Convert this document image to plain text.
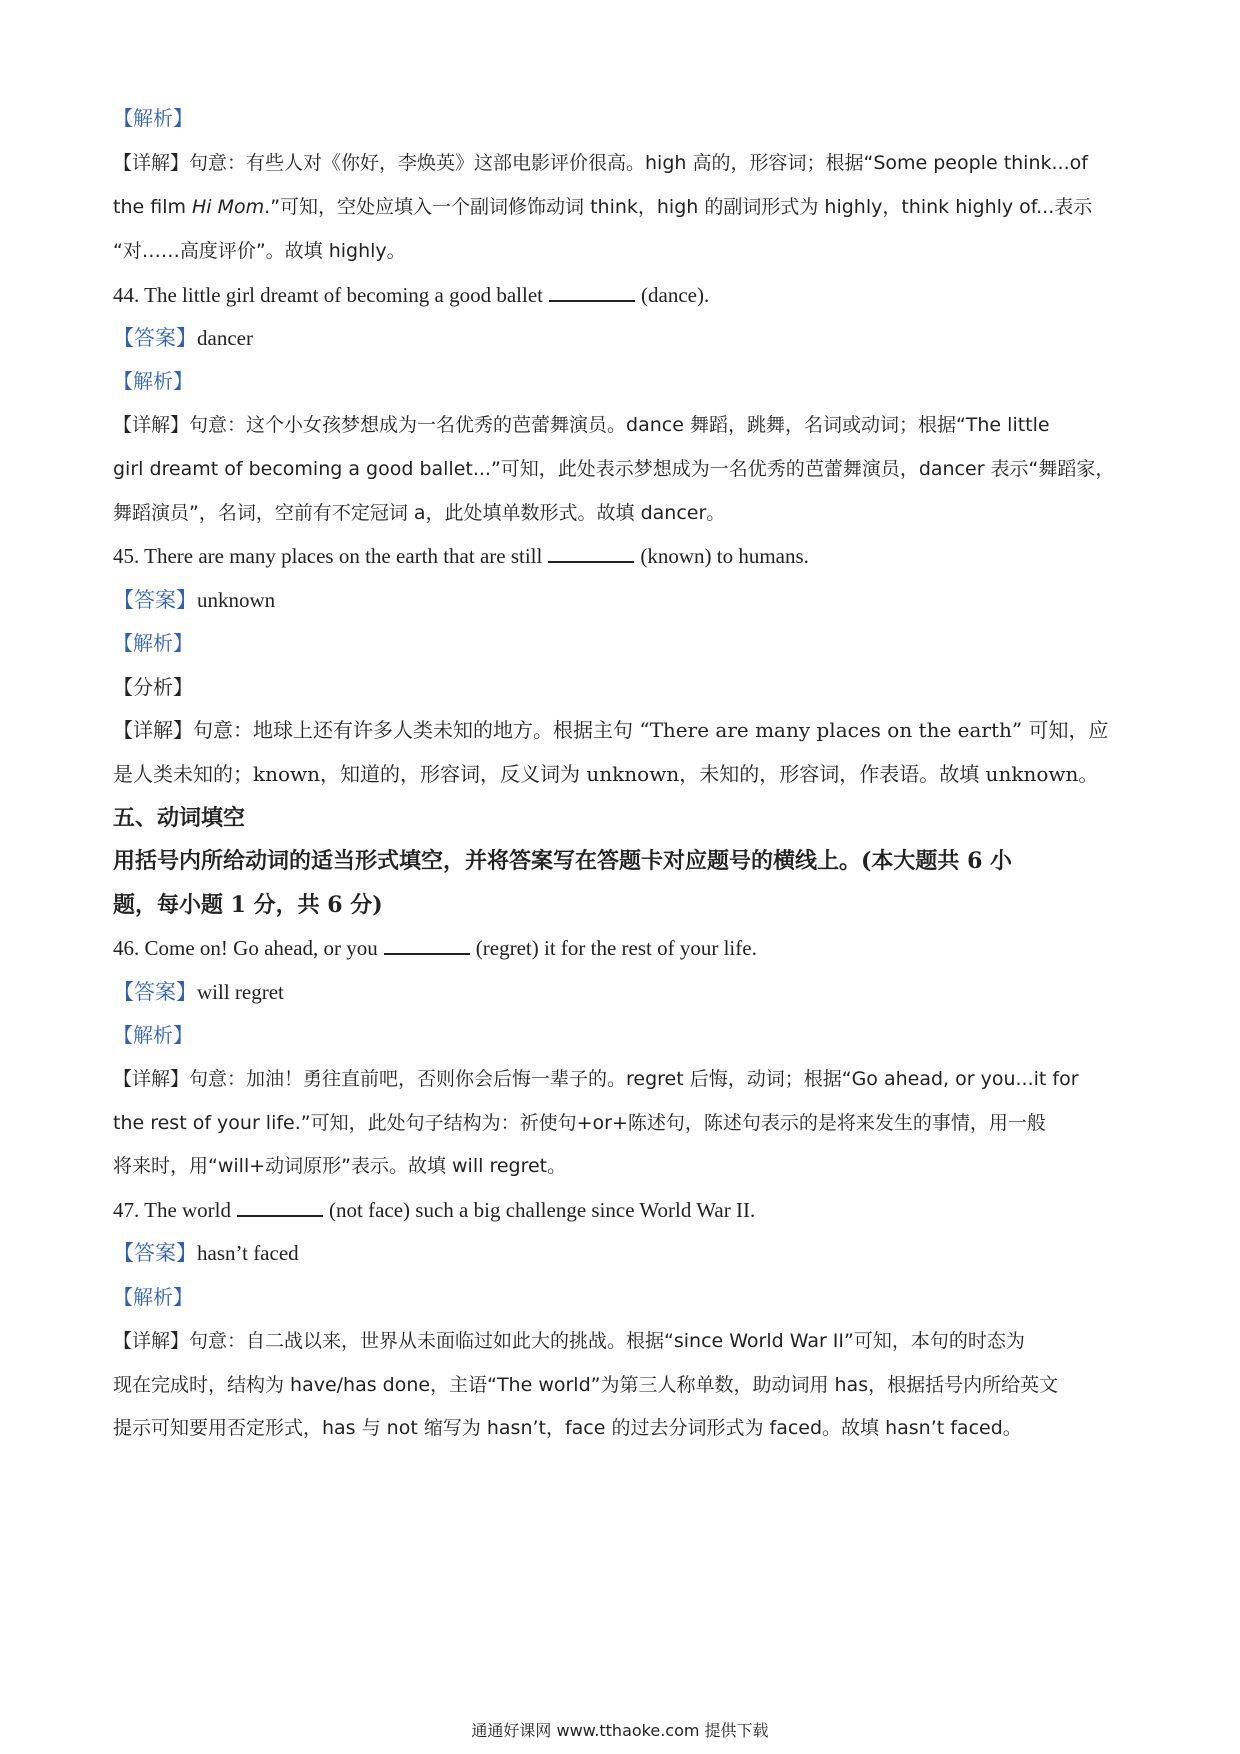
【解析】
【详解】句意：有些人对《你好，李焕英》这部电影评价很高。high 高的，形容词；根据“Some people think...of
the film Hi Mom.”可知，空处应填入一个副词修饰动词 think，high 的副词形式为 highly，think highly of...表示
“对……高度评价”。故填 highly。
44. The little girl dreamt of becoming a good ballet	(dance).
【答案】dancer
【解析】
【详解】句意：这个小女孩梦想成为一名优秀的芭蕾舞演员。dance 舞蹈，跳舞，名词或动词；根据“The little
girl dreamt of becoming a good ballet...”可知，此处表示梦想成为一名优秀的芭蕾舞演员，dancer 表示“舞蹈家，
舞蹈演员”，名词，空前有不定冠词 a，此处填单数形式。故填 dancer。
45. There are many places on the earth that are still	(known) to humans.
【答案】unknown
【解析】
【分析】
【详解】句意：地球上还有许多人类未知的地方。根据主句 “There are many places on the earth” 可知，应
是人类未知的；known，知道的，形容词，反义词为 unknown，未知的，形容词，作表语。故填 unknown。
五、动词填空
用括号内所给动词的适当形式填空，并将答案写在答题卡对应题号的横线上。(本大题共 6 小
题，每小题 1 分，共 6 分)
46. Come on! Go ahead, or you	(regret) it for the rest of your life.
【答案】will regret
【解析】
【详解】句意：加油！勇往直前吧，否则你会后悔一辈子的。regret 后悔，动词；根据“Go ahead, or you...it for
the rest of your life.”可知，此处句子结构为：祈使句+or+陈述句，陈述句表示的是将来发生的事情，用一般
将来时，用“will+动词原形”表示。故填 will regret。
47. The world	(not face) such a big challenge since World War II.
【答案】hasn’t faced
【解析】
【详解】句意：自二战以来，世界从未面临过如此大的挑战。根据“since World War II”可知，本句的时态为
现在完成时，结构为 have/has done，主语“The world”为第三人称单数，助动词用 has，根据括号内所给英文
提示可知要用否定形式，has 与 not 缩写为 hasn’t，face 的过去分词形式为 faced。故填 hasn’t faced。
通通好课网 www.tthaoke.com 提供下载
